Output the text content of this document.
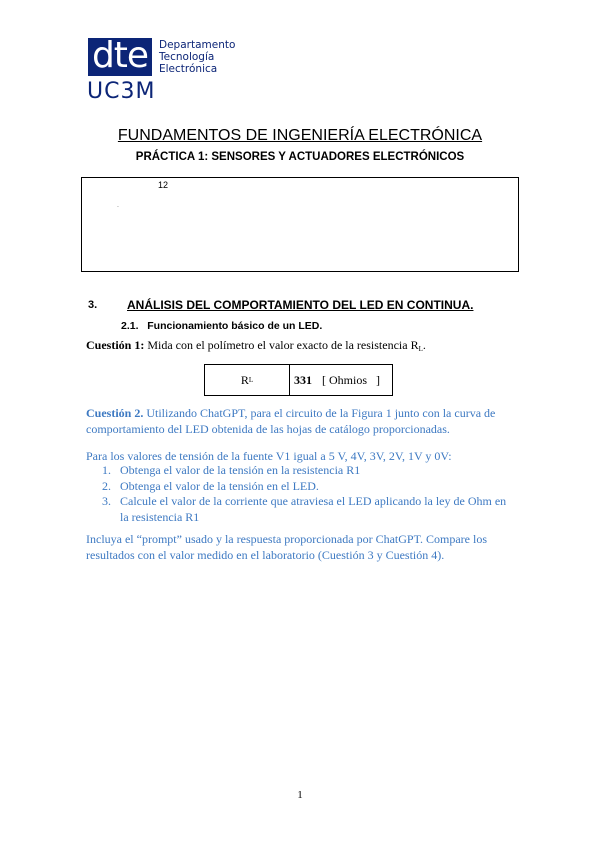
dte	Departamento
Tecnología
Electrónica
UC3M
FUNDAMENTOS DE INGENIERÍA ELECTRÓNICA
PRÁCTICA 1: SENSORES Y ACTUADORES ELECTRÓNICOS
12
.
3. ANÁLISIS DEL COMPORTAMIENTO DEL LED EN CONTINUA.
2.1.   Funcionamiento básico de un LED.
Cuestión 1: Mida con el polímetro el valor exacto de la resistencia $R_L$.
R L	331 [ Ohmios   ]
Cuestión 2. Utilizando ChatGPT, para el circuito de la Figura 1 junto con la curva de comportamiento del LED obtenida de las hojas de catálogo proporcionadas.
Para los valores de tensión de la fuente V1 igual a 5 V, 4V, 3V, 2V, 1V y 0V:
1. Obtenga el valor de la tensión en la resistencia R1
2. Obtenga el valor de la tensión en el LED.
3. Calcule el valor de la corriente que atraviesa el LED aplicando la ley de Ohm en la resistencia R1
Incluya el “prompt” usado y la respuesta proporcionada por ChatGPT. Compare los resultados con el valor medido en el laboratorio (Cuestión 3 y Cuestión 4).
1
